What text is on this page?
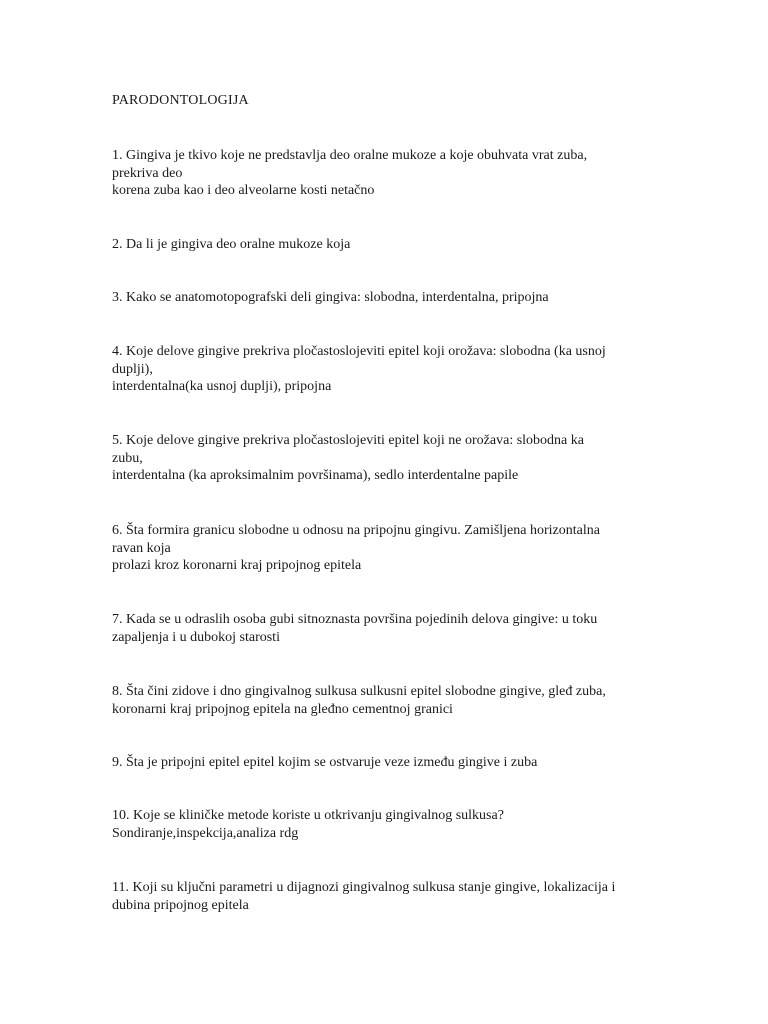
PARODONTOLOGIJA

1. Gingiva je tkivo koje ne predstavlja deo oralne mukoze a koje obuhvata vrat zuba,
prekriva deo
korena zuba kao i deo alveolarne kosti netačno

2. Da li je gingiva deo oralne mukoze koja

3. Kako se anatomotopografski deli gingiva: slobodna, interdentalna, pripojna

4. Koje delove gingive prekriva pločastoslojeviti epitel koji orožava: slobodna (ka usnoj
duplji),
interdentalna(ka usnoj duplji), pripojna

5. Koje delove gingive prekriva pločastoslojeviti epitel koji ne orožava: slobodna ka
zubu,
interdentalna (ka aproksimalnim površinama), sedlo interdentalne papile

6. Šta formira granicu slobodne u odnosu na pripojnu gingivu. Zamišljena horizontalna
ravan koja
prolazi kroz koronarni kraj pripojnog epitela

7. Kada se u odraslih osoba gubi sitnoznasta površina pojedinih delova gingive: u toku
zapaljenja i u dubokoj starosti

8. Šta čini zidove i dno gingivalnog sulkusa sulkusni epitel slobodne gingive, gleđ zuba,
koronarni kraj pripojnog epitela na gleđno cementnoj granici

9. Šta je pripojni epitel epitel kojim se ostvaruje veze između gingive i zuba

10. Koje se kliničke metode koriste u otkrivanju gingivalnog sulkusa?
Sondiranje,inspekcija,analiza rdg

11. Koji su ključni parametri u dijagnozi gingivalnog sulkusa stanje gingive, lokalizacija i
dubina pripojnog epitela
